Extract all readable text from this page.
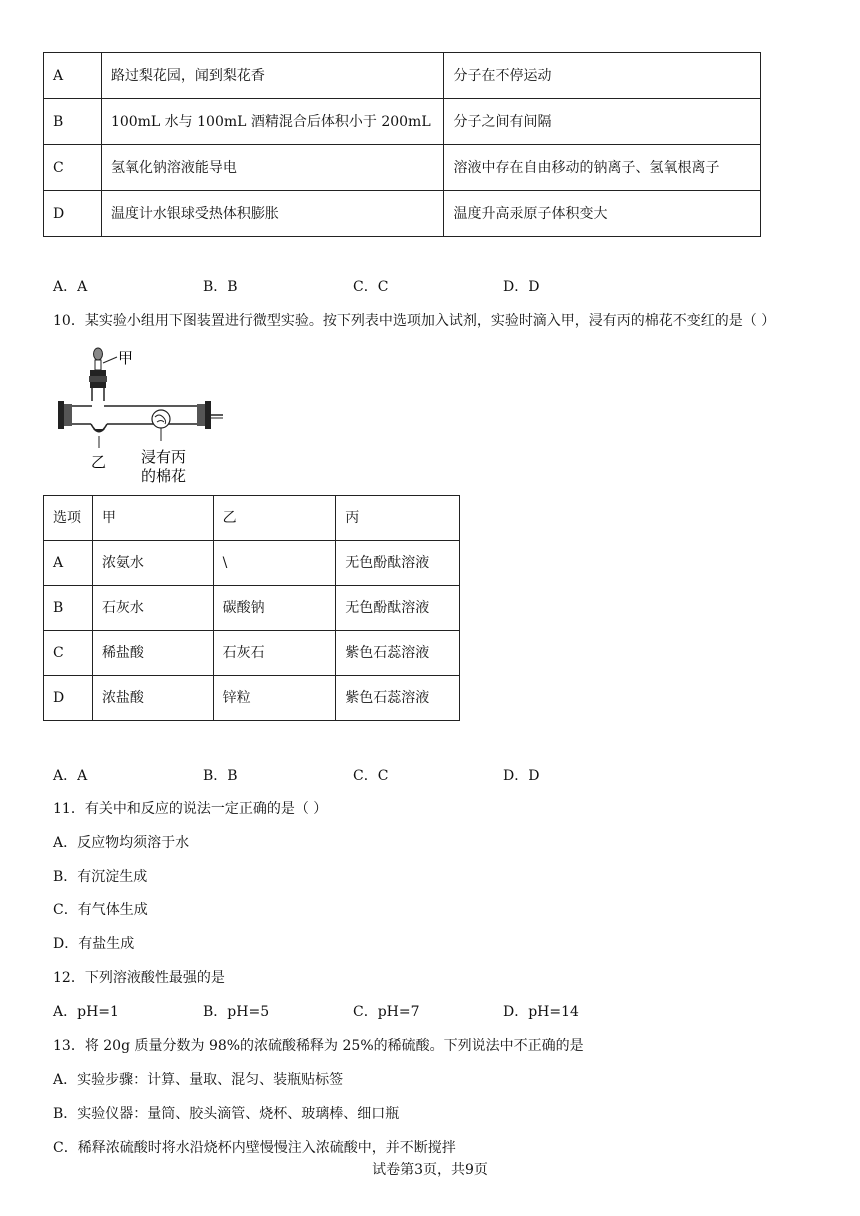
A	路过梨花园，闻到梨花香	分子在不停运动
B	100mL 水与 100mL 酒精混合后体积小于 200mL	分子之间有间隔
C	氢氧化钠溶液能导电	溶液中存在自由移动的钠离子、氢氧根离子
D	温度计水银球受热体积膨胀	温度升高汞原子体积变大
A．A	B．B	C．C	D．D
10．某实验小组用下图装置进行微型实验。按下列表中选项加入试剂，实验时滴入甲，浸有丙的棉花不变红的是（ ）
甲
乙 浸有丙
的棉花
选项	甲	乙	丙
A	浓氨水	\	无色酚酞溶液
B	石灰水	碳酸钠	无色酚酞溶液
C	稀盐酸	石灰石	紫色石蕊溶液
D	浓盐酸	锌粒	紫色石蕊溶液
A．A	B．B	C．C	D．D
11．有关中和反应的说法一定正确的是（ ）
A．反应物均须溶于水
B．有沉淀生成
C．有气体生成
D．有盐生成
12．下列溶液酸性最强的是
A．pH=1	B．pH=5	C．pH=7	D．pH=14
13．将 20g 质量分数为 98%的浓硫酸稀释为 25%的稀硫酸。下列说法中不正确的是
A．实验步骤：计算、量取、混匀、装瓶贴标签
B．实验仪器：量筒、胶头滴管、烧杯、玻璃棒、细口瓶
C．稀释浓硫酸时将水沿烧杯内壁慢慢注入浓硫酸中，并不断搅拌
试卷第3页，共9页
